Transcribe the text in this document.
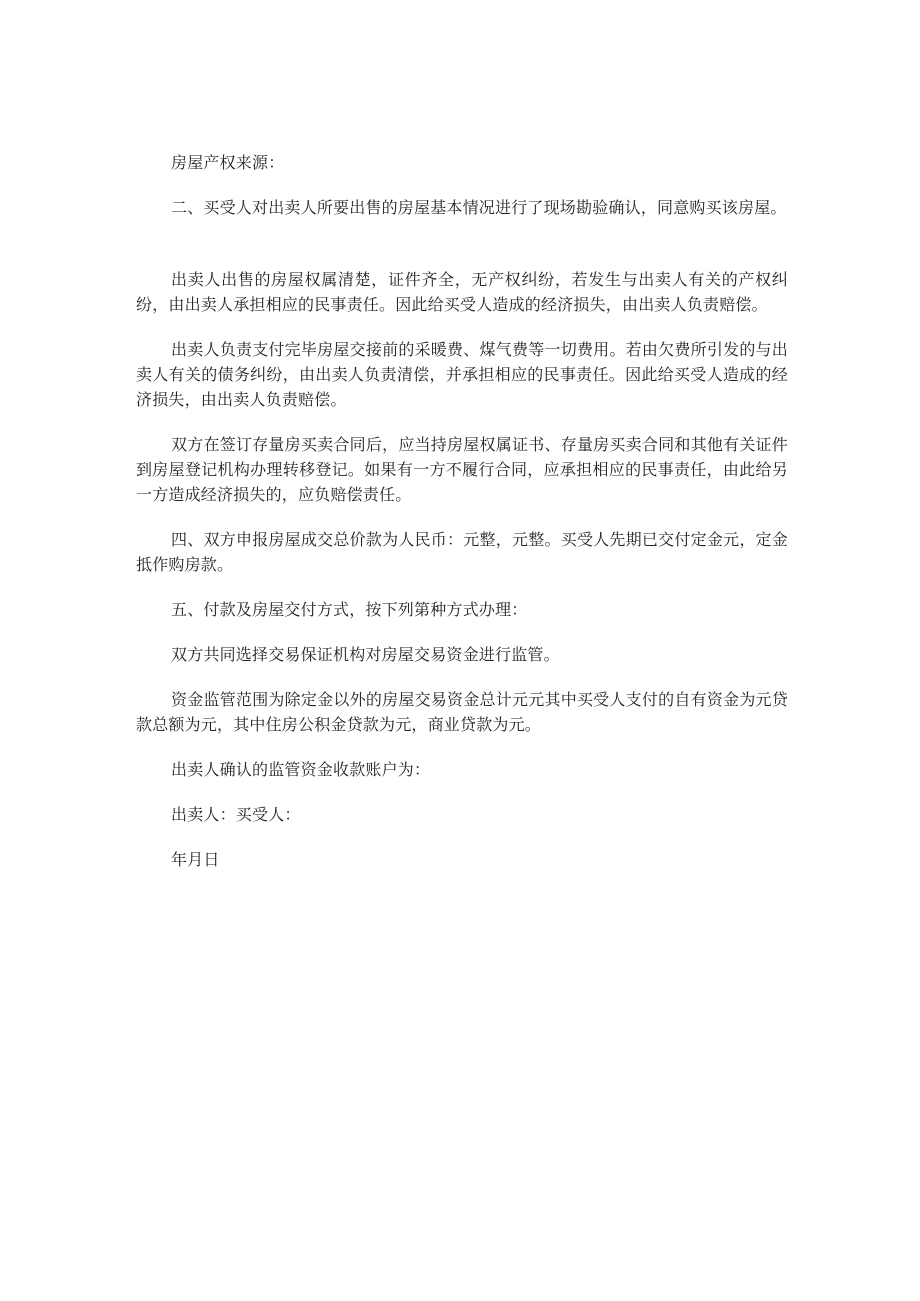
房屋产权来源：

二、买受人对出卖人所要出售的房屋基本情况进行了现场勘验确认，同意购买该房屋。

出卖人出售的房屋权属清楚，证件齐全，无产权纠纷，若发生与出卖人有关的产权纠纷，由出卖人承担相应的民事责任。因此给买受人造成的经济损失，由出卖人负责赔偿。

出卖人负责支付完毕房屋交接前的采暖费、煤气费等一切费用。若由欠费所引发的与出卖人有关的债务纠纷，由出卖人负责清偿，并承担相应的民事责任。因此给买受人造成的经济损失，由出卖人负责赔偿。

双方在签订存量房买卖合同后，应当持房屋权属证书、存量房买卖合同和其他有关证件到房屋登记机构办理转移登记。如果有一方不履行合同，应承担相应的民事责任，由此给另一方造成经济损失的，应负赔偿责任。

四、双方申报房屋成交总价款为人民币：元整，元整。买受人先期已交付定金元，定金抵作购房款。

五、付款及房屋交付方式，按下列第种方式办理：

双方共同选择交易保证机构对房屋交易资金进行监管。

资金监管范围为除定金以外的房屋交易资金总计元元其中买受人支付的自有资金为元贷款总额为元，其中住房公积金贷款为元，商业贷款为元。

出卖人确认的监管资金收款账户为：

出卖人：买受人：

年月日
